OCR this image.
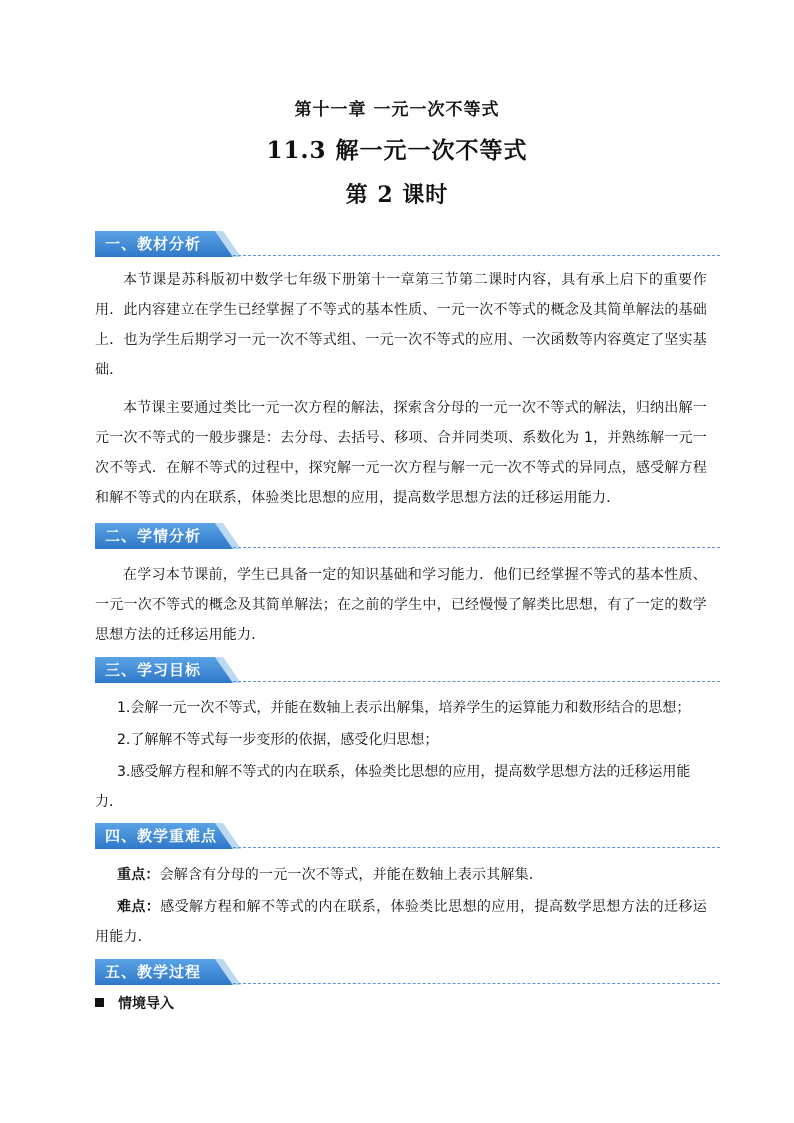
第十一章 一元一次不等式
11.3 解一元一次不等式
第 2 课时
一、教材分析
本节课是苏科版初中数学七年级下册第十一章第三节第二课时内容，具有承上启下的重要作用．此内容建立在学生已经掌握了不等式的基本性质、一元一次不等式的概念及其简单解法的基础上．也为学生后期学习一元一次不等式组、一元一次不等式的应用、一次函数等内容奠定了坚实基础．
本节课主要通过类比一元一次方程的解法，探索含分母的一元一次不等式的解法，归纳出解一元一次不等式的一般步骤是：去分母、去括号、移项、合并同类项、系数化为 1，并熟练解一元一次不等式．在解不等式的过程中，探究解一元一次方程与解一元一次不等式的异同点，感受解方程和解不等式的内在联系，体验类比思想的应用，提高数学思想方法的迁移运用能力．
二、学情分析
在学习本节课前，学生已具备一定的知识基础和学习能力．他们已经掌握不等式的基本性质、一元一次不等式的概念及其简单解法；在之前的学生中，已经慢慢了解类比思想，有了一定的数学思想方法的迁移运用能力．
三、学习目标
1.会解一元一次不等式，并能在数轴上表示出解集，培养学生的运算能力和数形结合的思想；
2.了解解不等式每一步变形的依据，感受化归思想；
3.感受解方程和解不等式的内在联系，体验类比思想的应用，提高数学思想方法的迁移运用能力．
四、教学重难点
重点：会解含有分母的一元一次不等式，并能在数轴上表示其解集．
难点：感受解方程和解不等式的内在联系，体验类比思想的应用，提高数学思想方法的迁移运用能力．
五、教学过程
情境导入
